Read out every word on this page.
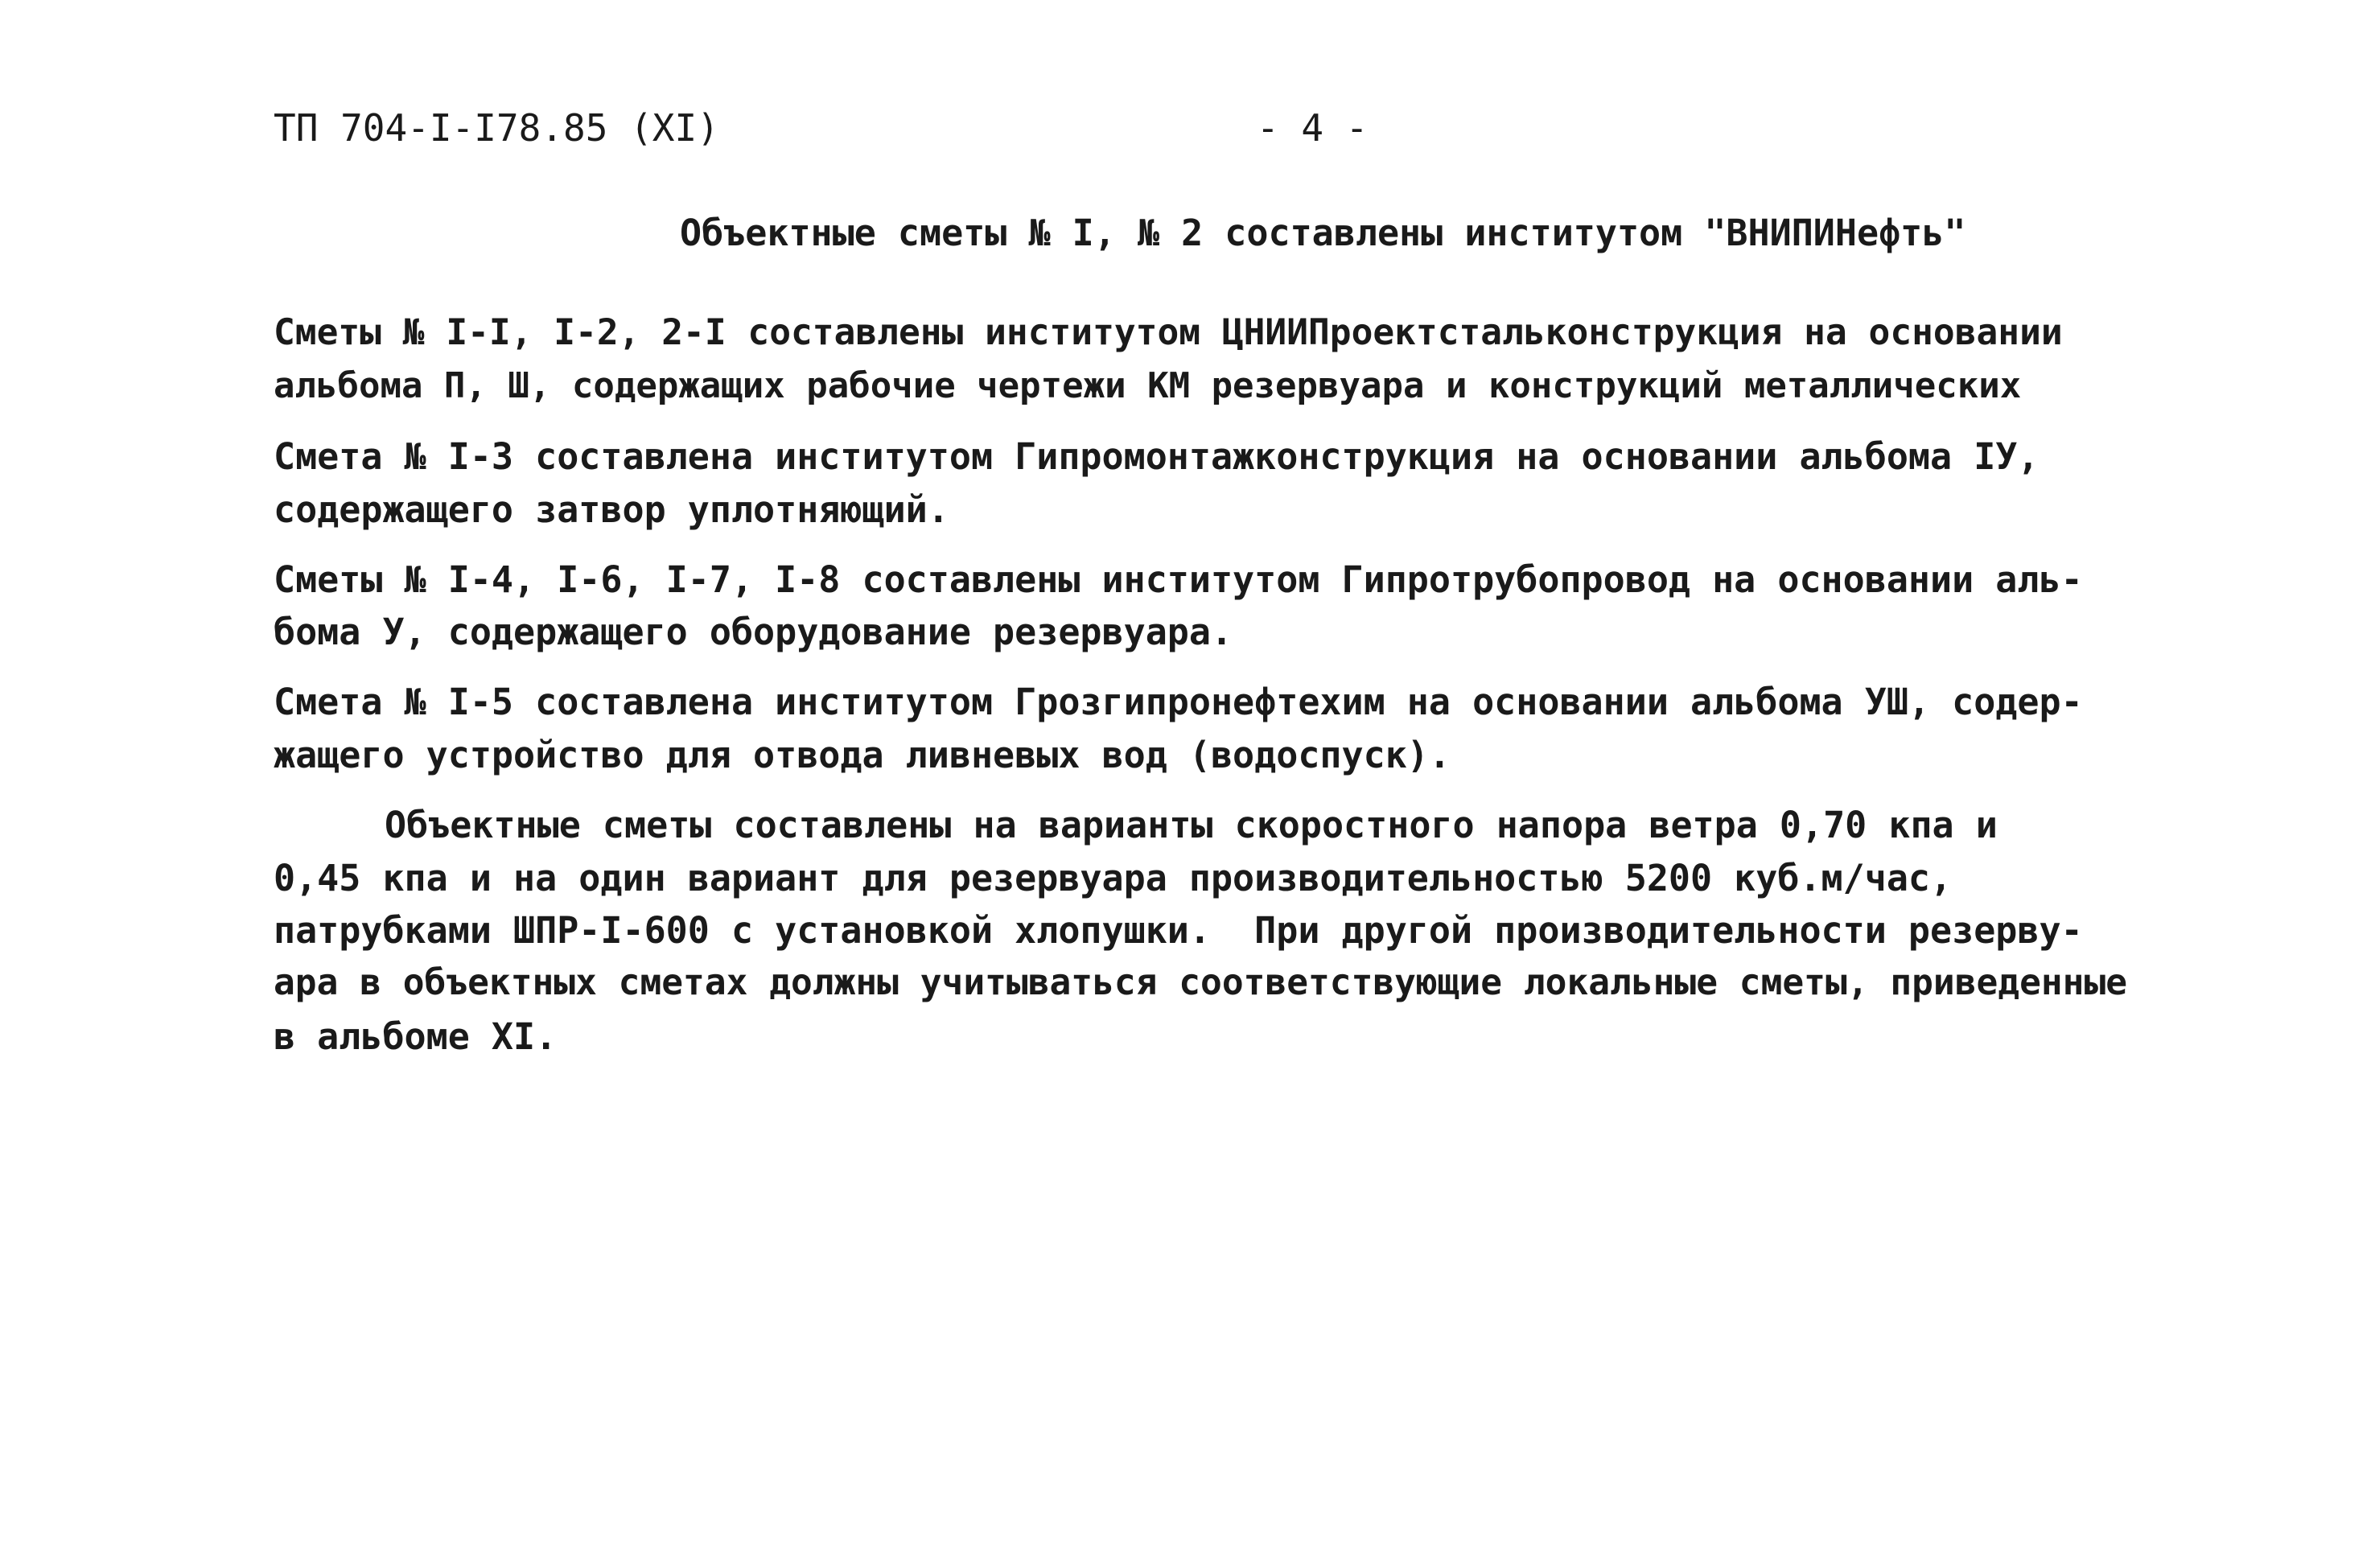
ТП 704-I-I78.85 (XI)	- 4 -
Объектные сметы № I, № 2 составлены институтом "ВНИПИНефть"
Сметы № I-I, I-2, 2-I составлены институтом ЦНИИПроектстальконструкция на основании
альбома П, Ш, содержащих рабочие чертежи КМ резервуара и конструкций металлических
Смета № I-3 составлена институтом Гипромонтажконструкция на основании альбома IУ,
содержащего затвор уплотняющий.
Сметы № I-4, I-6, I-7, I-8 составлены институтом Гипротрубопровод на основании аль-
бома У, содержащего оборудование резервуара.
Смета № I-5 составлена институтом Грозгипронефтехим на основании альбома УШ, содер-
жащего устройство для отвода ливневых вод (водоспуск).
Объектные сметы составлены на варианты скоростного напора ветра 0,70 кпа и
0,45 кпа и на один вариант для резервуара производительностью 5200 куб.м/час,
патрубками ШПР-I-600 с установкой хлопушки.  При другой производительности резерву-
ара в объектных сметах должны учитываться соответствующие локальные сметы, приведенные
в альбоме XI.
